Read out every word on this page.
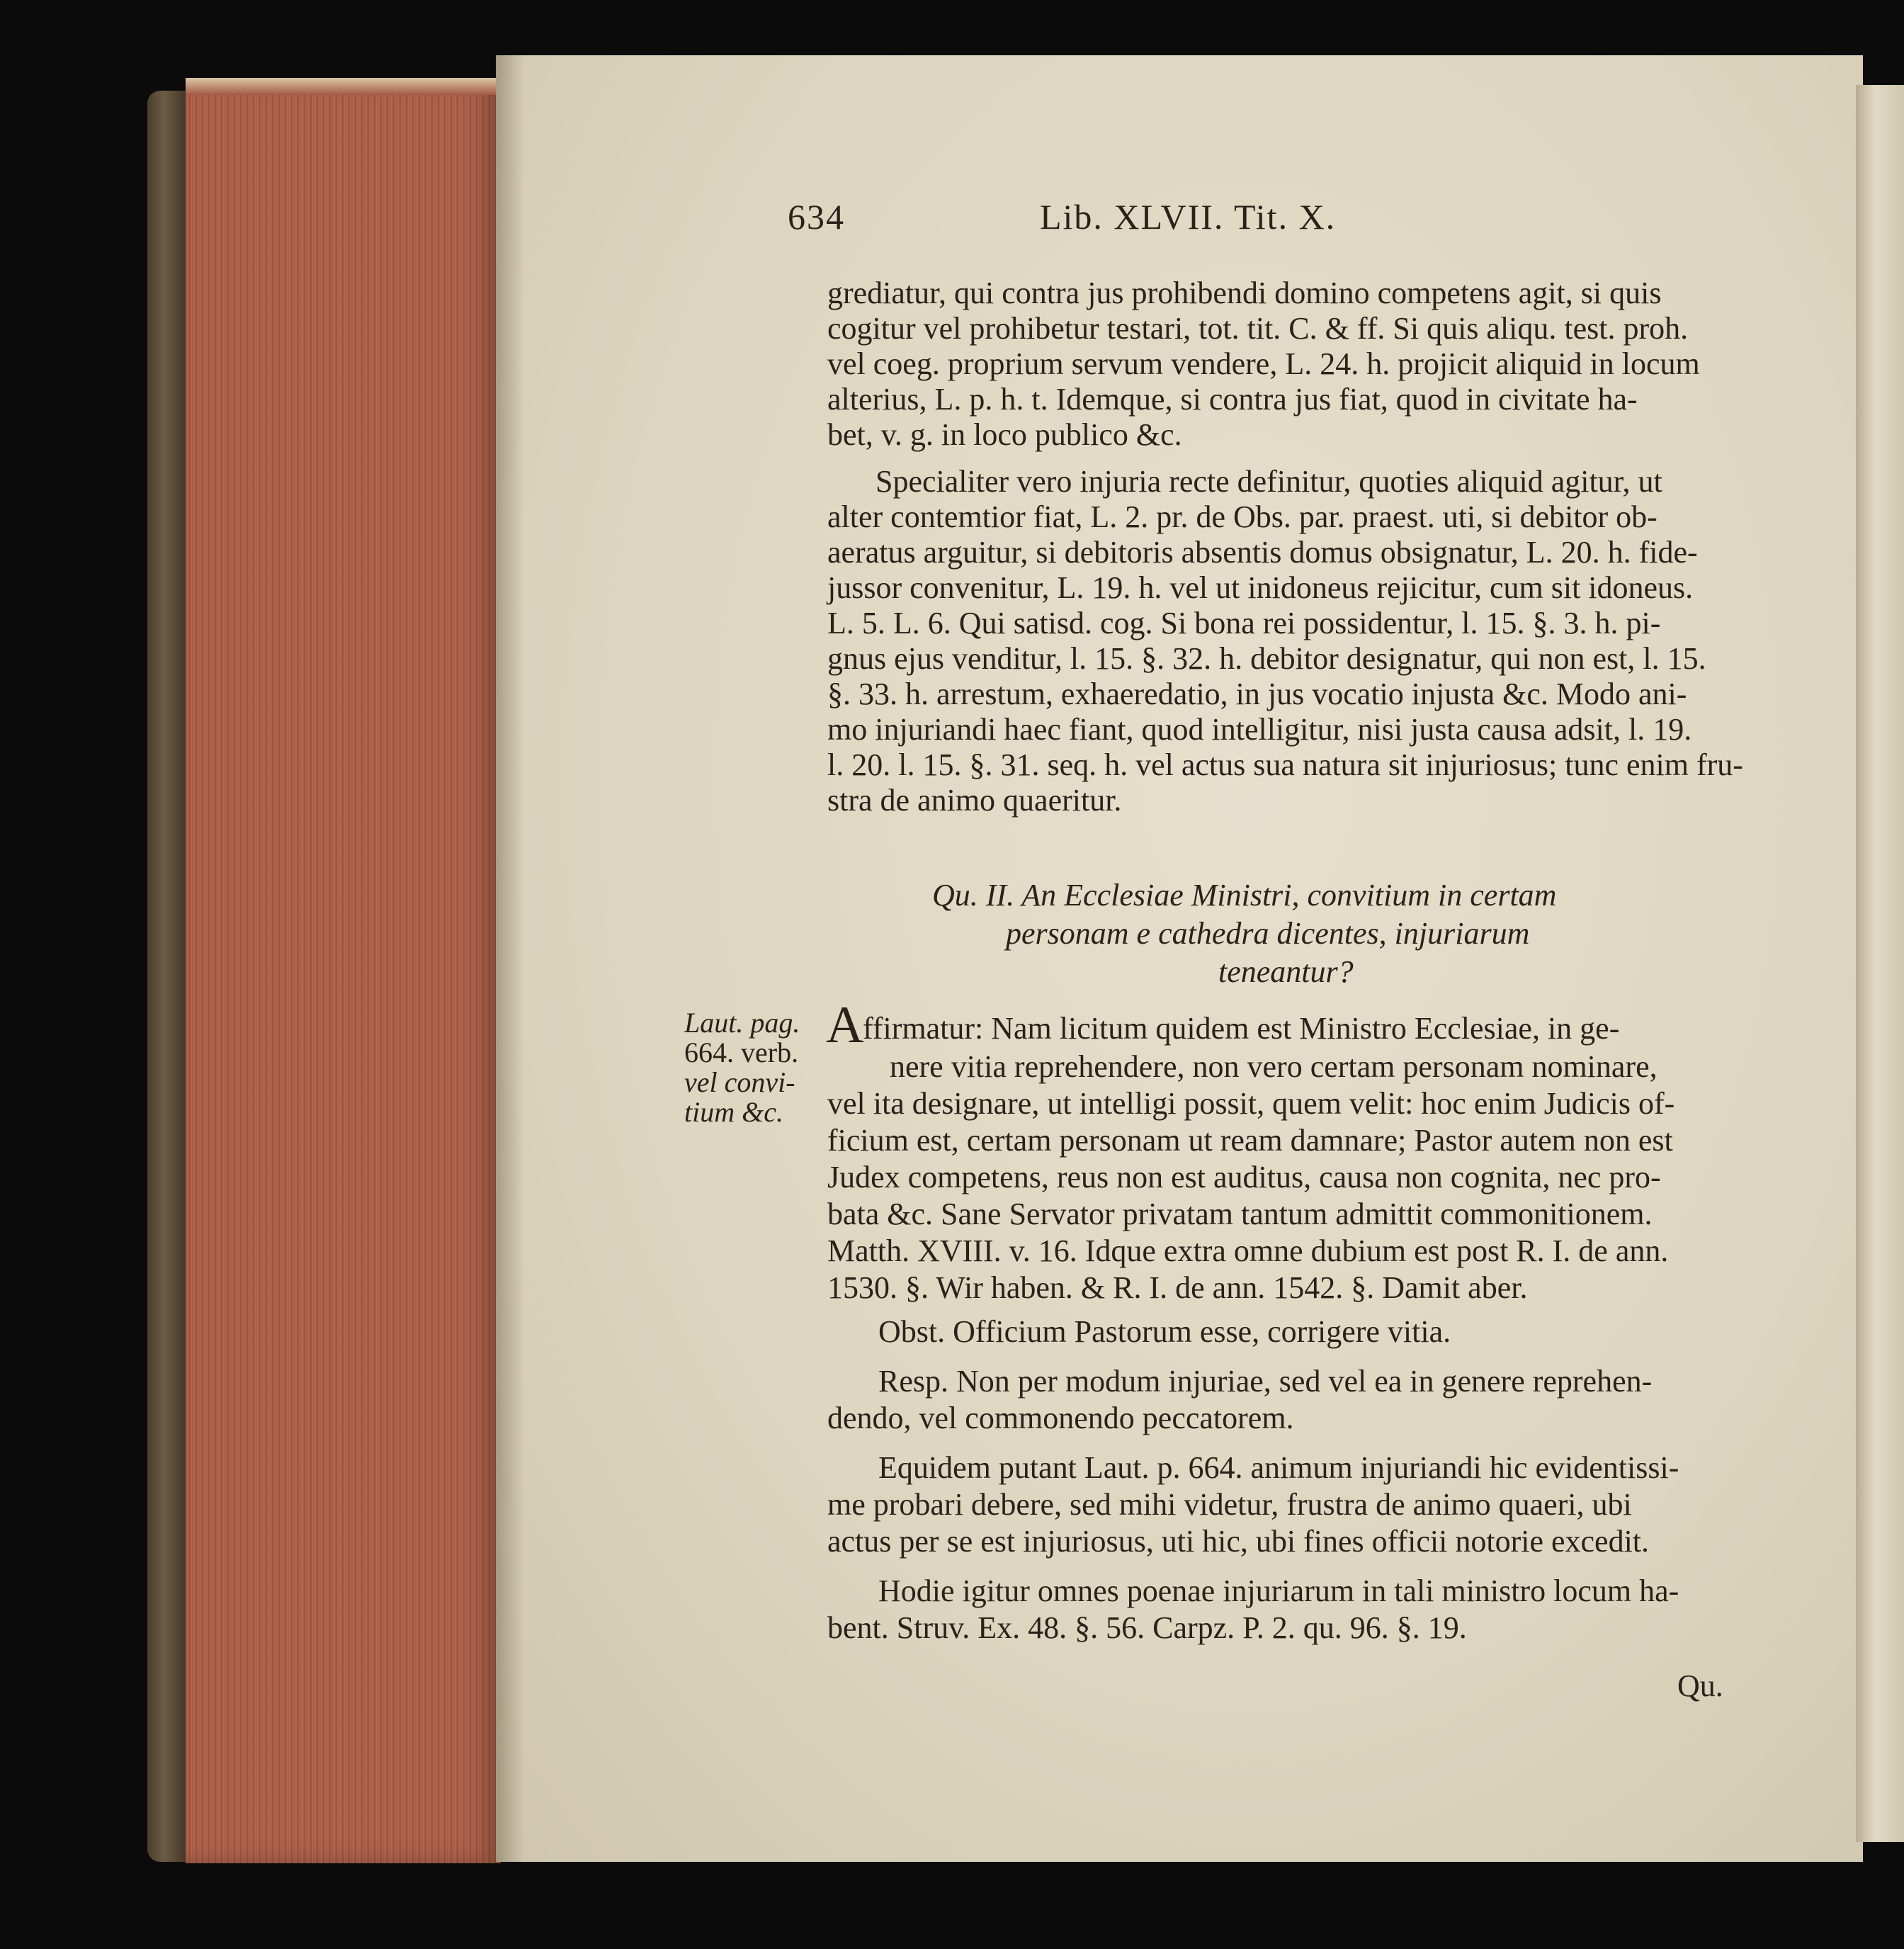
634	Lib. XLVII. Tit. X.
grediatur, qui contra jus prohibendi domino competens agit, si quis
cogitur vel prohibetur testari, tot. tit. C. & ff. Si quis aliqu. test. proh.
vel coeg. proprium servum vendere, L. 24. h. projicit aliquid in locum
alterius, L. p. h. t. Idemque, si contra jus fiat, quod in civitate ha-
bet, v. g. in loco publico &c.
Specialiter vero injuria recte definitur, quoties aliquid agitur, ut
alter contemtior fiat, L. 2. pr. de Obs. par. praest. uti, si debitor ob-
aeratus arguitur, si debitoris absentis domus obsignatur, L. 20. h. fide-
jussor convenitur, L. 19. h. vel ut inidoneus rejicitur, cum sit idoneus.
L. 5. L. 6. Qui satisd. cog. Si bona rei possidentur, l. 15. §. 3. h. pi-
gnus ejus venditur, l. 15. §. 32. h. debitor designatur, qui non est, l. 15.
§. 33. h. arrestum, exhaeredatio, in jus vocatio injusta &c. Modo ani-
mo injuriandi haec fiant, quod intelligitur, nisi justa causa adsit, l. 19.
l. 20. l. 15. §. 31. seq. h. vel actus sua natura sit injuriosus; tunc enim fru-
stra de animo quaeritur.
Qu. II. An Ecclesiae Ministri, convitium in certam
personam e cathedra dicentes, injuriarum
teneantur?
Laut. pag.
664. verb.
vel convi-
tium &c.
A
ffirmatur: Nam licitum quidem est Ministro Ecclesiae, in ge-
nere vitia reprehendere, non vero certam personam nominare,
vel ita designare, ut intelligi possit, quem velit: hoc enim Judicis of-
ficium est, certam personam ut ream damnare; Pastor autem non est
Judex competens, reus non est auditus, causa non cognita, nec pro-
bata &c. Sane Servator privatam tantum admittit commonitionem.
Matth. XVIII. v. 16. Idque extra omne dubium est post R. I. de ann.
1530. §. Wir haben. & R. I. de ann. 1542. §. Damit aber.
Obst. Officium Pastorum esse, corrigere vitia.
Resp. Non per modum injuriae, sed vel ea in genere reprehen-
dendo, vel commonendo peccatorem.
Equidem putant Laut. p. 664. animum injuriandi hic evidentissi-
me probari debere, sed mihi videtur, frustra de animo quaeri, ubi
actus per se est injuriosus, uti hic, ubi fines officii notorie excedit.
Hodie igitur omnes poenae injuriarum in tali ministro locum ha-
bent. Struv. Ex. 48. §. 56. Carpz. P. 2. qu. 96. §. 19.
Qu.
